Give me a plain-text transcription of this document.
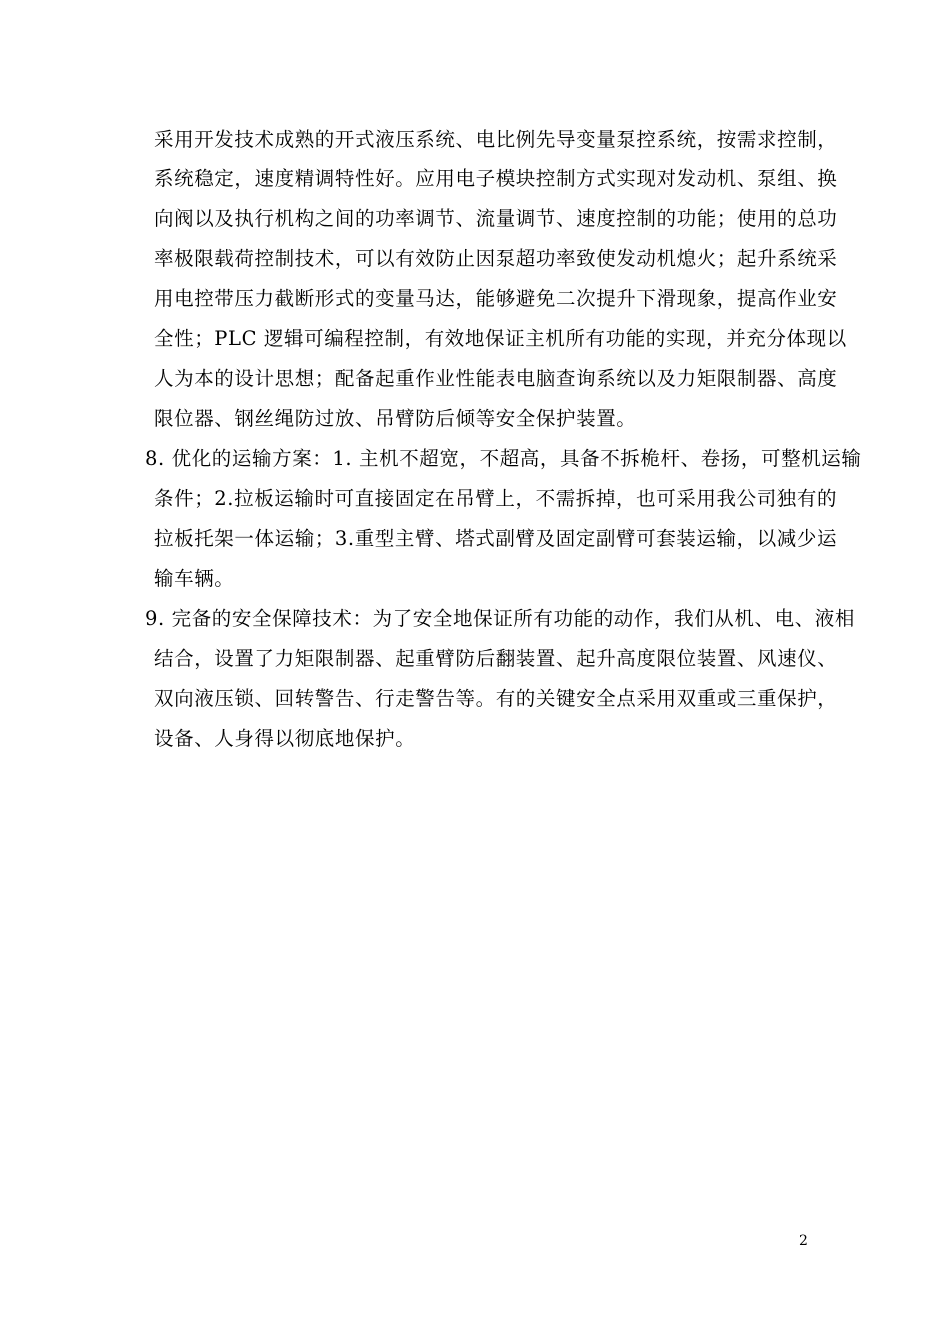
采用开发技术成熟的开式液压系统、电比例先导变量泵控系统，按需求控制，
系统稳定，速度精调特性好。应用电子模块控制方式实现对发动机、泵组、换
向阀以及执行机构之间的功率调节、流量调节、速度控制的功能；使用的总功
率极限载荷控制技术，可以有效防止因泵超功率致使发动机熄火；起升系统采
用电控带压力截断形式的变量马达，能够避免二次提升下滑现象，提高作业安
全性；PLC 逻辑可编程控制，有效地保证主机所有功能的实现，并充分体现以
人为本的设计思想；配备起重作业性能表电脑查询系统以及力矩限制器、高度
限位器、钢丝绳防过放、吊臂防后倾等安全保护装置。
8. 优化的运输方案：1. 主机不超宽，不超高，具备不拆桅杆、卷扬，可整机运输
条件；2.拉板运输时可直接固定在吊臂上，不需拆掉，也可采用我公司独有的
拉板托架一体运输；3.重型主臂、塔式副臂及固定副臂可套装运输，以减少运
输车辆。
9. 完备的安全保障技术：为了安全地保证所有功能的动作，我们从机、电、液相
结合，设置了力矩限制器、起重臂防后翻装置、起升高度限位装置、风速仪、
双向液压锁、回转警告、行走警告等。有的关键安全点采用双重或三重保护，
设备、人身得以彻底地保护。
2
